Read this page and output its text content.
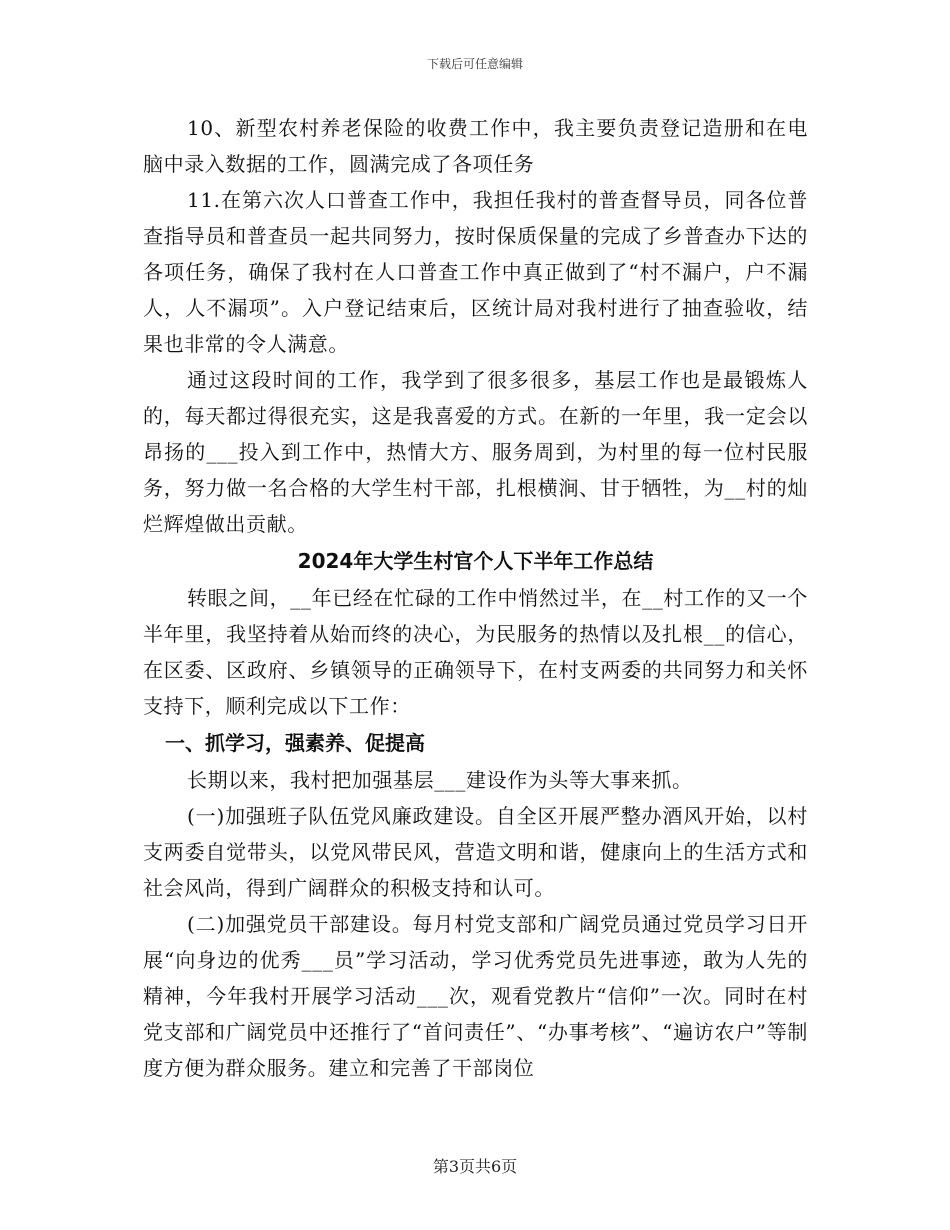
下载后可任意编辑

10、新型农村养老保险的收费工作中，我主要负责登记造册和在电脑中录入数据的工作，圆满完成了各项任务

11.在第六次人口普查工作中，我担任我村的普查督导员，同各位普查指导员和普查员一起共同努力，按时保质保量的完成了乡普查办下达的各项任务，确保了我村在人口普查工作中真正做到了“村不漏户，户不漏人，人不漏项”。入户登记结束后，区统计局对我村进行了抽查验收，结果也非常的令人满意。

通过这段时间的工作，我学到了很多很多，基层工作也是最锻炼人的，每天都过得很充实，这是我喜爱的方式。在新的一年里，我一定会以昂扬的___投入到工作中，热情大方、服务周到，为村里的每一位村民服务，努力做一名合格的大学生村干部，扎根横涧、甘于牺牲，为__村的灿烂辉煌做出贡献。

2024年大学生村官个人下半年工作总结

转眼之间，__年已经在忙碌的工作中悄然过半，在__村工作的又一个半年里，我坚持着从始而终的决心，为民服务的热情以及扎根__的信心，在区委、区政府、乡镇领导的正确领导下，在村支两委的共同努力和关怀支持下，顺利完成以下工作：

一、抓学习，强素养、促提高

长期以来，我村把加强基层___建设作为头等大事来抓。

(一)加强班子队伍党风廉政建设。自全区开展严整办酒风开始，以村支两委自觉带头，以党风带民风，营造文明和谐，健康向上的生活方式和社会风尚，得到广阔群众的积极支持和认可。

(二)加强党员干部建设。每月村党支部和广阔党员通过党员学习日开展“向身边的优秀___员”学习活动，学习优秀党员先进事迹，敢为人先的精神，今年我村开展学习活动___次，观看党教片“信仰”一次。同时在村党支部和广阔党员中还推行了“首问责任”、“办事考核”、“遍访农户”等制度方便为群众服务。建立和完善了干部岗位

第3页共6页
